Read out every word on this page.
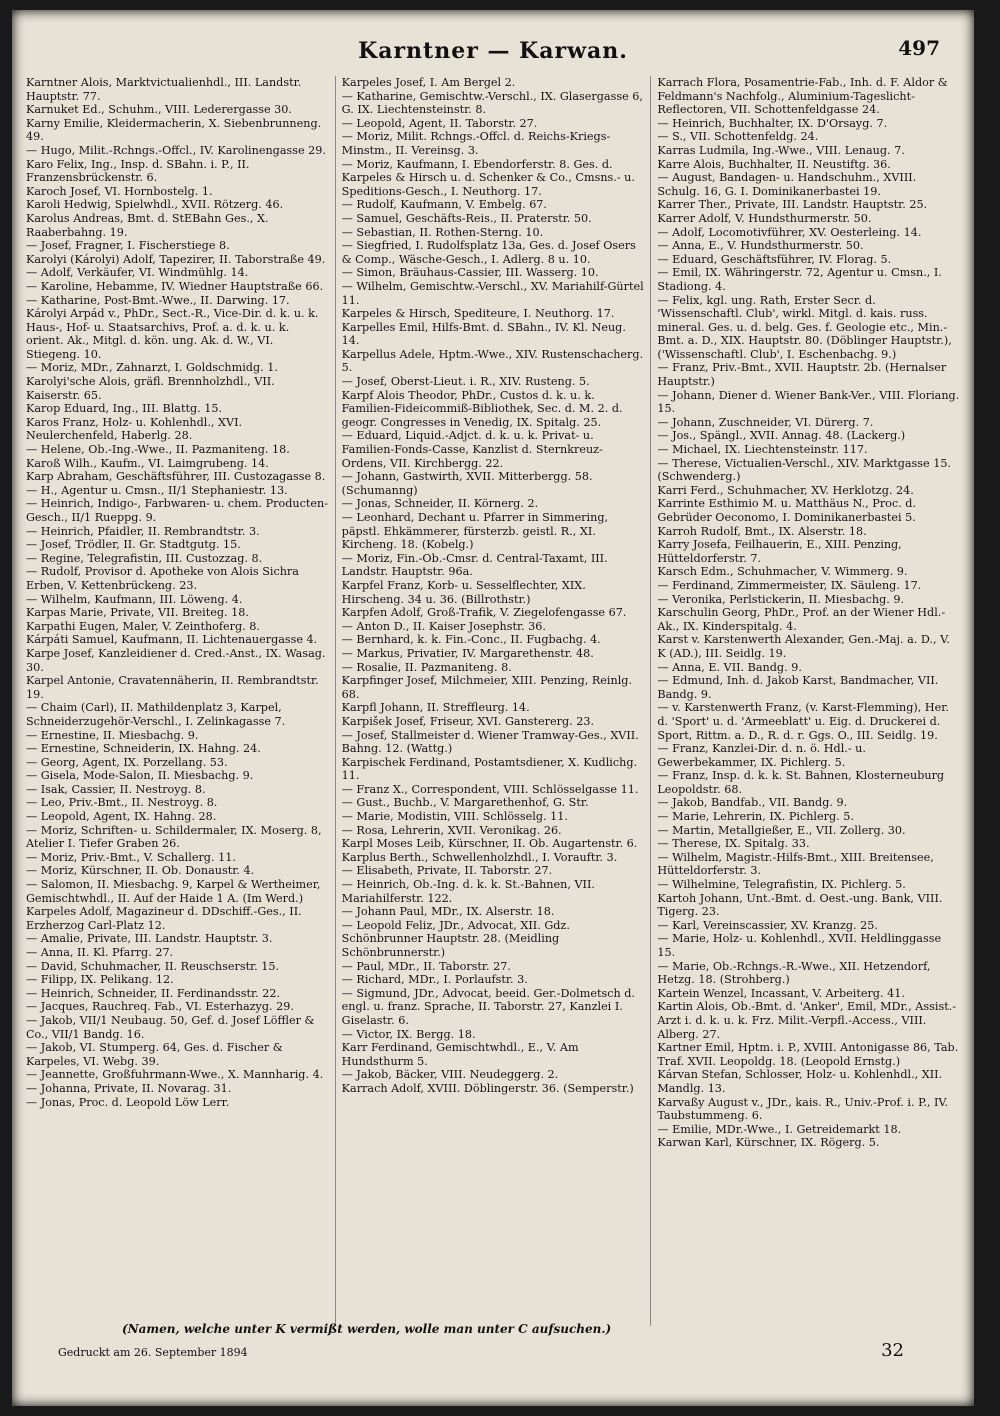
Karntner — Karwan.	497

Karntner Alois, Marktvictualienhdl., III. Landstr. Hauptstr. 77.

Karnuket Ed., Schuhm., VIII. Lederergasse 30.

Karny Emilie, Kleidermacherin, X. Siebenbrunneng. 49.

— Hugo, Milit.-Rchngs.-Offcl., IV. Karolinengasse 29.

Karo Felix, Ing., Insp. d. SBahn. i. P., II. Franzensbrückenstr. 6.

Karoch Josef, VI. Hornbostelg. 1.

Karoli Hedwig, Spielwhdl., XVII. Rötzerg. 46.

Karolus Andreas, Bmt. d. StEBahn Ges., X. Raaberbahng. 19.

— Josef, Fragner, I. Fischerstiege 8.

Karolyi (Károlyi) Adolf, Tapezirer, II. Taborstraße 49.

— Adolf, Verkäufer, VI. Windmühlg. 14.

— Karoline, Hebamme, IV. Wiedner Hauptstraße 66.

— Katharine, Post-Bmt.-Wwe., II. Darwing. 17.

Károlyi Arpád v., PhDr., Sect.-R., Vice-Dir. d. k. u. k. Haus-, Hof- u. Staatsarchivs, Prof. a. d. k. u. k. orient. Ak., Mitgl. d. kön. ung. Ak. d. W., VI. Stiegeng. 10.

— Moriz, MDr., Zahnarzt, I. Goldschmidg. 1.

Karolyi'sche Alois, gräfl. Brennholzhdl., VII. Kaiserstr. 65.

Karop Eduard, Ing., III. Blattg. 15.

Karos Franz, Holz- u. Kohlenhdl., XVI. Neulerchenfeld, Haberlg. 28.

— Helene, Ob.-Ing.-Wwe., II. Pazmaniteng. 18.

Karoß Wilh., Kaufm., VI. Laimgrubeng. 14.

Karp Abraham, Geschäftsführer, III. Custozagasse 8.

— H., Agentur u. Cmsn., II/1 Stephaniestr. 13.

— Heinrich, Indigo-, Farbwaren- u. chem. Producten-Gesch., II/1 Rueppg. 9.

— Heinrich, Pfaidler, II. Rembrandtstr. 3.

— Josef, Trödler, II. Gr. Stadtgutg. 15.

— Regine, Telegrafistin, III. Custozzag. 8.

— Rudolf, Provisor d. Apotheke von Alois Sichra Erben, V. Kettenbrückeng. 23.

— Wilhelm, Kaufmann, III. Löweng. 4.

Karpas Marie, Private, VII. Breiteg. 18.

Karpathi Eugen, Maler, V. Zeinthoferg. 8.

Kárpáti Samuel, Kaufmann, II. Lichtenauergasse 4.

Karpe Josef, Kanzleidiener d. Cred.-Anst., IX. Wasag. 30.

Karpel Antonie, Cravatennäherin, II. Rembrandtstr. 19.

— Chaim (Carl), II. Mathildenplatz 3, Karpel, Schneiderzugehör-Verschl., I. Zelinkagasse 7.

— Ernestine, II. Miesbachg. 9.

— Ernestine, Schneiderin, IX. Hahng. 24.

— Georg, Agent, IX. Porzellang. 53.

— Gisela, Mode-Salon, II. Miesbachg. 9.

— Isak, Cassier, II. Nestroyg. 8.

— Leo, Priv.-Bmt., II. Nestroyg. 8.

— Leopold, Agent, IX. Hahng. 28.

— Moriz, Schriften- u. Schildermaler, IX. Moserg. 8, Atelier I. Tiefer Graben 26.

— Moriz, Priv.-Bmt., V. Schallerg. 11.

— Moriz, Kürschner, II. Ob. Donaustr. 4.

— Salomon, II. Miesbachg. 9, Karpel & Wertheimer, Gemischtwhdl., II. Auf der Haide 1 A. (Im Werd.)

Karpeles Adolf, Magazineur d. DDschiff.-Ges., II. Erzherzog Carl-Platz 12.

— Amalie, Private, III. Landstr. Hauptstr. 3.

— Anna, II. Kl. Pfarrg. 27.

— David, Schuhmacher, II. Reuschserstr. 15.

— Filipp, IX. Pelikang. 12.

— Heinrich, Schneider, II. Ferdinandsstr. 22.

— Jacques, Rauchreq. Fab., VI. Esterhazyg. 29.

— Jakob, VII/1 Neubaug. 50, Gef. d. Josef Löffler & Co., VII/1 Bandg. 16.

— Jakob, VI. Stumperg. 64, Ges. d. Fischer & Karpeles, VI. Webg. 39.

— Jeannette, Großfuhrmann-Wwe., X. Mannharig. 4.

— Johanna, Private, II. Novarag. 31.

— Jonas, Proc. d. Leopold Löw Lerr.

Karpeles Josef, I. Am Bergel 2.

— Katharine, Gemischtw.-Verschl., IX. Glasergasse 6, G. IX. Liechtensteinstr. 8.

— Leopold, Agent, II. Taborstr. 27.

— Moriz, Milit. Rchngs.-Offcl. d. Reichs-Kriegs-Minstm., II. Vereinsg. 3.

— Moriz, Kaufmann, I. Ebendorferstr. 8. Ges. d. Karpeles & Hirsch u. d. Schenker & Co., Cmsns.- u. Speditions-Gesch., I. Neuthorg. 17.

— Rudolf, Kaufmann, V. Embelg. 67.

— Samuel, Geschäfts-Reis., II. Praterstr. 50.

— Sebastian, II. Rothen-Sterng. 10.

— Siegfried, I. Rudolfsplatz 13a, Ges. d. Josef Osers & Comp., Wäsche-Gesch., I. Adlerg. 8 u. 10.

— Simon, Bräuhaus-Cassier, III. Wasserg. 10.

— Wilhelm, Gemischtw.-Verschl., XV. Mariahilf-Gürtel 11.

Karpeles & Hirsch, Spediteure, I. Neuthorg. 17.

Karpelles Emil, Hilfs-Bmt. d. SBahn., IV. Kl. Neug. 14.

Karpellus Adele, Hptm.-Wwe., XIV. Rustenschacherg. 5.

— Josef, Oberst-Lieut. i. R., XIV. Rusteng. 5.

Karpf Alois Theodor, PhDr., Custos d. k. u. k. Familien-Fideicommiß-Bibliothek, Sec. d. M. 2. d. geogr. Congresses in Venedig, IX. Spitalg. 25.

— Eduard, Liquid.-Adjct. d. k. u. k. Privat- u. Familien-Fonds-Casse, Kanzlist d. Sternkreuz-Ordens, VII. Kirchbergg. 22.

— Johann, Gastwirth, XVII. Mitterbergg. 58. (Schumanng)

— Jonas, Schneider, II. Körnerg. 2.

— Leonhard, Dechant u. Pfarrer in Simmering, päpstl. Ehkämmerer, fürsterzb. geistl. R., XI. Kircheng. 18. (Kobelg.)

— Moriz, Fin.-Ob.-Cmsr. d. Central-Taxamt, III. Landstr. Hauptstr. 96a.

Karpfel Franz, Korb- u. Sesselflechter, XIX. Hirscheng. 34 u. 36. (Billrothstr.)

Karpfen Adolf, Groß-Trafik, V. Ziegelofengasse 67.

— Anton D., II. Kaiser Josephstr. 36.

— Bernhard, k. k. Fin.-Conc., II. Fugbachg. 4.

— Markus, Privatier, IV. Margarethenstr. 48.

— Rosalie, II. Pazmaniteng. 8.

Karpfinger Josef, Milchmeier, XIII. Penzing, Reinlg. 68.

Karpfl Johann, II. Streffleurg. 14.

Karpišek Josef, Friseur, XVI. Ganstererg. 23.

— Josef, Stallmeister d. Wiener Tramway-Ges., XVII. Bahng. 12. (Wattg.)

Karpischek Ferdinand, Postamtsdiener, X. Kudlichg. 11.

— Franz X., Correspondent, VIII. Schlösselgasse 11.

— Gust., Buchb., V. Margarethenhof, G. Str.

— Marie, Modistin, VIII. Schlösselg. 11.

— Rosa, Lehrerin, XVII. Veronikag. 26.

Karpl Moses Leib, Kürschner, II. Ob. Augartenstr. 6.

Karplus Berth., Schwellenholzhdl., I. Vorauftr. 3.

— Elisabeth, Private, II. Taborstr. 27.

— Heinrich, Ob.-Ing. d. k. k. St.-Bahnen, VII. Mariahilferstr. 122.

— Johann Paul, MDr., IX. Alserstr. 18.

— Leopold Feliz, JDr., Advocat, XII. Gdz. Schönbrunner Hauptstr. 28. (Meidling Schönbrunnerstr.)

— Paul, MDr., II. Taborstr. 27.

— Richard, MDr., I. Porlaufstr. 3.

— Sigmund, JDr., Advocat, beeid. Ger.-Dolmetsch d. engl. u. franz. Sprache, II. Taborstr. 27, Kanzlei I. Giselastr. 6.

— Victor, IX. Bergg. 18.

Karr Ferdinand, Gemischtwhdl., E., V. Am Hundsthurm 5.

— Jakob, Bäcker, VIII. Neudeggerg. 2.

Karrach Adolf, XVIII. Döblingerstr. 36. (Semperstr.)

Karrach Flora, Posamentrie-Fab., Inh. d. F. Aldor & Feldmann's Nachfolg., Aluminium-Tageslicht-Reflectoren, VII. Schottenfeldgasse 24.

— Heinrich, Buchhalter, IX. D'Orsayg. 7.

— S., VII. Schottenfeldg. 24.

Karras Ludmila, Ing.-Wwe., VIII. Lenaug. 7.

Karre Alois, Buchhalter, II. Neustiftg. 36.

— August, Bandagen- u. Handschuhm., XVIII. Schulg. 16, G. I. Dominikanerbastei 19.

Karrer Ther., Private, III. Landstr. Hauptstr. 25.

Karrer Adolf, V. Hundsthurmerstr. 50.

— Adolf, Locomotivführer, XV. Oesterleing. 14.

— Anna, E., V. Hundsthurmerstr. 50.

— Eduard, Geschäftsführer, IV. Florag. 5.

— Emil, IX. Währingerstr. 72, Agentur u. Cmsn., I. Stadiong. 4.

— Felix, kgl. ung. Rath, Erster Secr. d. 'Wissenschaftl. Club', wirkl. Mitgl. d. kais. russ. mineral. Ges. u. d. belg. Ges. f. Geologie etc., Min.-Bmt. a. D., XIX. Hauptstr. 80. (Döblinger Hauptstr.), ('Wissenschaftl. Club', I. Eschenbachg. 9.)

— Franz, Priv.-Bmt., XVII. Hauptstr. 2b. (Hernalser Hauptstr.)

— Johann, Diener d. Wiener Bank-Ver., VIII. Floriang. 15.

— Johann, Zuschneider, VI. Dürerg. 7.

— Jos., Spängl., XVII. Annag. 48. (Lackerg.)

— Michael, IX. Liechtensteinstr. 117.

— Therese, Victualien-Verschl., XIV. Marktgasse 15. (Schwenderg.)

Karri Ferd., Schuhmacher, XV. Herklotzg. 24.

Karrinte Esthimio M. u. Matthäus N., Proc. d. Gebrüder Oeconomo, I. Dominikanerbastei 5.

Karroh Rudolf, Bmt., IX. Alserstr. 18.

Karry Josefa, Feilhauerin, E., XIII. Penzing, Hütteldorferstr. 7.

Karsch Edm., Schuhmacher, V. Wimmerg. 9.

— Ferdinand, Zimmermeister, IX. Säuleng. 17.

— Veronika, Perlstickerin, II. Miesbachg. 9.

Karschulin Georg, PhDr., Prof. an der Wiener Hdl.-Ak., IX. Kinderspitalg. 4.

Karst v. Karstenwerth Alexander, Gen.-Maj. a. D., V. K (AD.), III. Seidlg. 19.

— Anna, E. VII. Bandg. 9.

— Edmund, Inh. d. Jakob Karst, Bandmacher, VII. Bandg. 9.

— v. Karstenwerth Franz, (v. Karst-Flemming), Her. d. 'Sport' u. d. 'Armeeblatt' u. Eig. d. Druckerei d. Sport, Rittm. a. D., R. d. r. Ggs. O., III. Seidlg. 19.

— Franz, Kanzlei-Dir. d. n. ö. Hdl.- u. Gewerbekammer, IX. Pichlerg. 5.

— Franz, Insp. d. k. k. St. Bahnen, Klosterneuburg Leopoldstr. 68.

— Jakob, Bandfab., VII. Bandg. 9.

— Marie, Lehrerin, IX. Pichlerg. 5.

— Martin, Metallgießer, E., VII. Zollerg. 30.

— Therese, IX. Spitalg. 33.

— Wilhelm, Magistr.-Hilfs-Bmt., XIII. Breitensee, Hütteldorferstr. 3.

— Wilhelmine, Telegrafistin, IX. Pichlerg. 5.

Kartoh Johann, Unt.-Bmt. d. Oest.-ung. Bank, VIII. Tigerg. 23.

— Karl, Vereinscassier, XV. Kranzg. 25.

— Marie, Holz- u. Kohlenhdl., XVII. Heldlinggasse 15.

— Marie, Ob.-Rchngs.-R.-Wwe., XII. Hetzendorf, Hetzg. 18. (Strohberg.)

Kartein Wenzel, Incassant, V. Arbeiterg. 41.

Kartin Alois, Ob.-Bmt. d. 'Anker', Emil, MDr., Assist.-Arzt i. d. k. u. k. Frz. Milit.-Verpfl.-Access., VIII. Alberg. 27.

Kartner Emil, Hptm. i. P., XVIII. Antonigasse 86, Tab. Traf. XVII. Leopoldg. 18. (Leopold Ernstg.)

Kárvan Stefan, Schlosser, Holz- u. Kohlenhdl., XII. Mandlg. 13.

Karvaßy August v., JDr., kais. R., Univ.-Prof. i. P., IV. Taubstummeng. 6.

— Emilie, MDr.-Wwe., I. Getreidemarkt 18.

Karwan Karl, Kürschner, IX. Rögerg. 5.

(Namen, welche unter K vermißt werden, wolle man unter C aufsuchen.)
Gedruckt am 26. September 1894	32
